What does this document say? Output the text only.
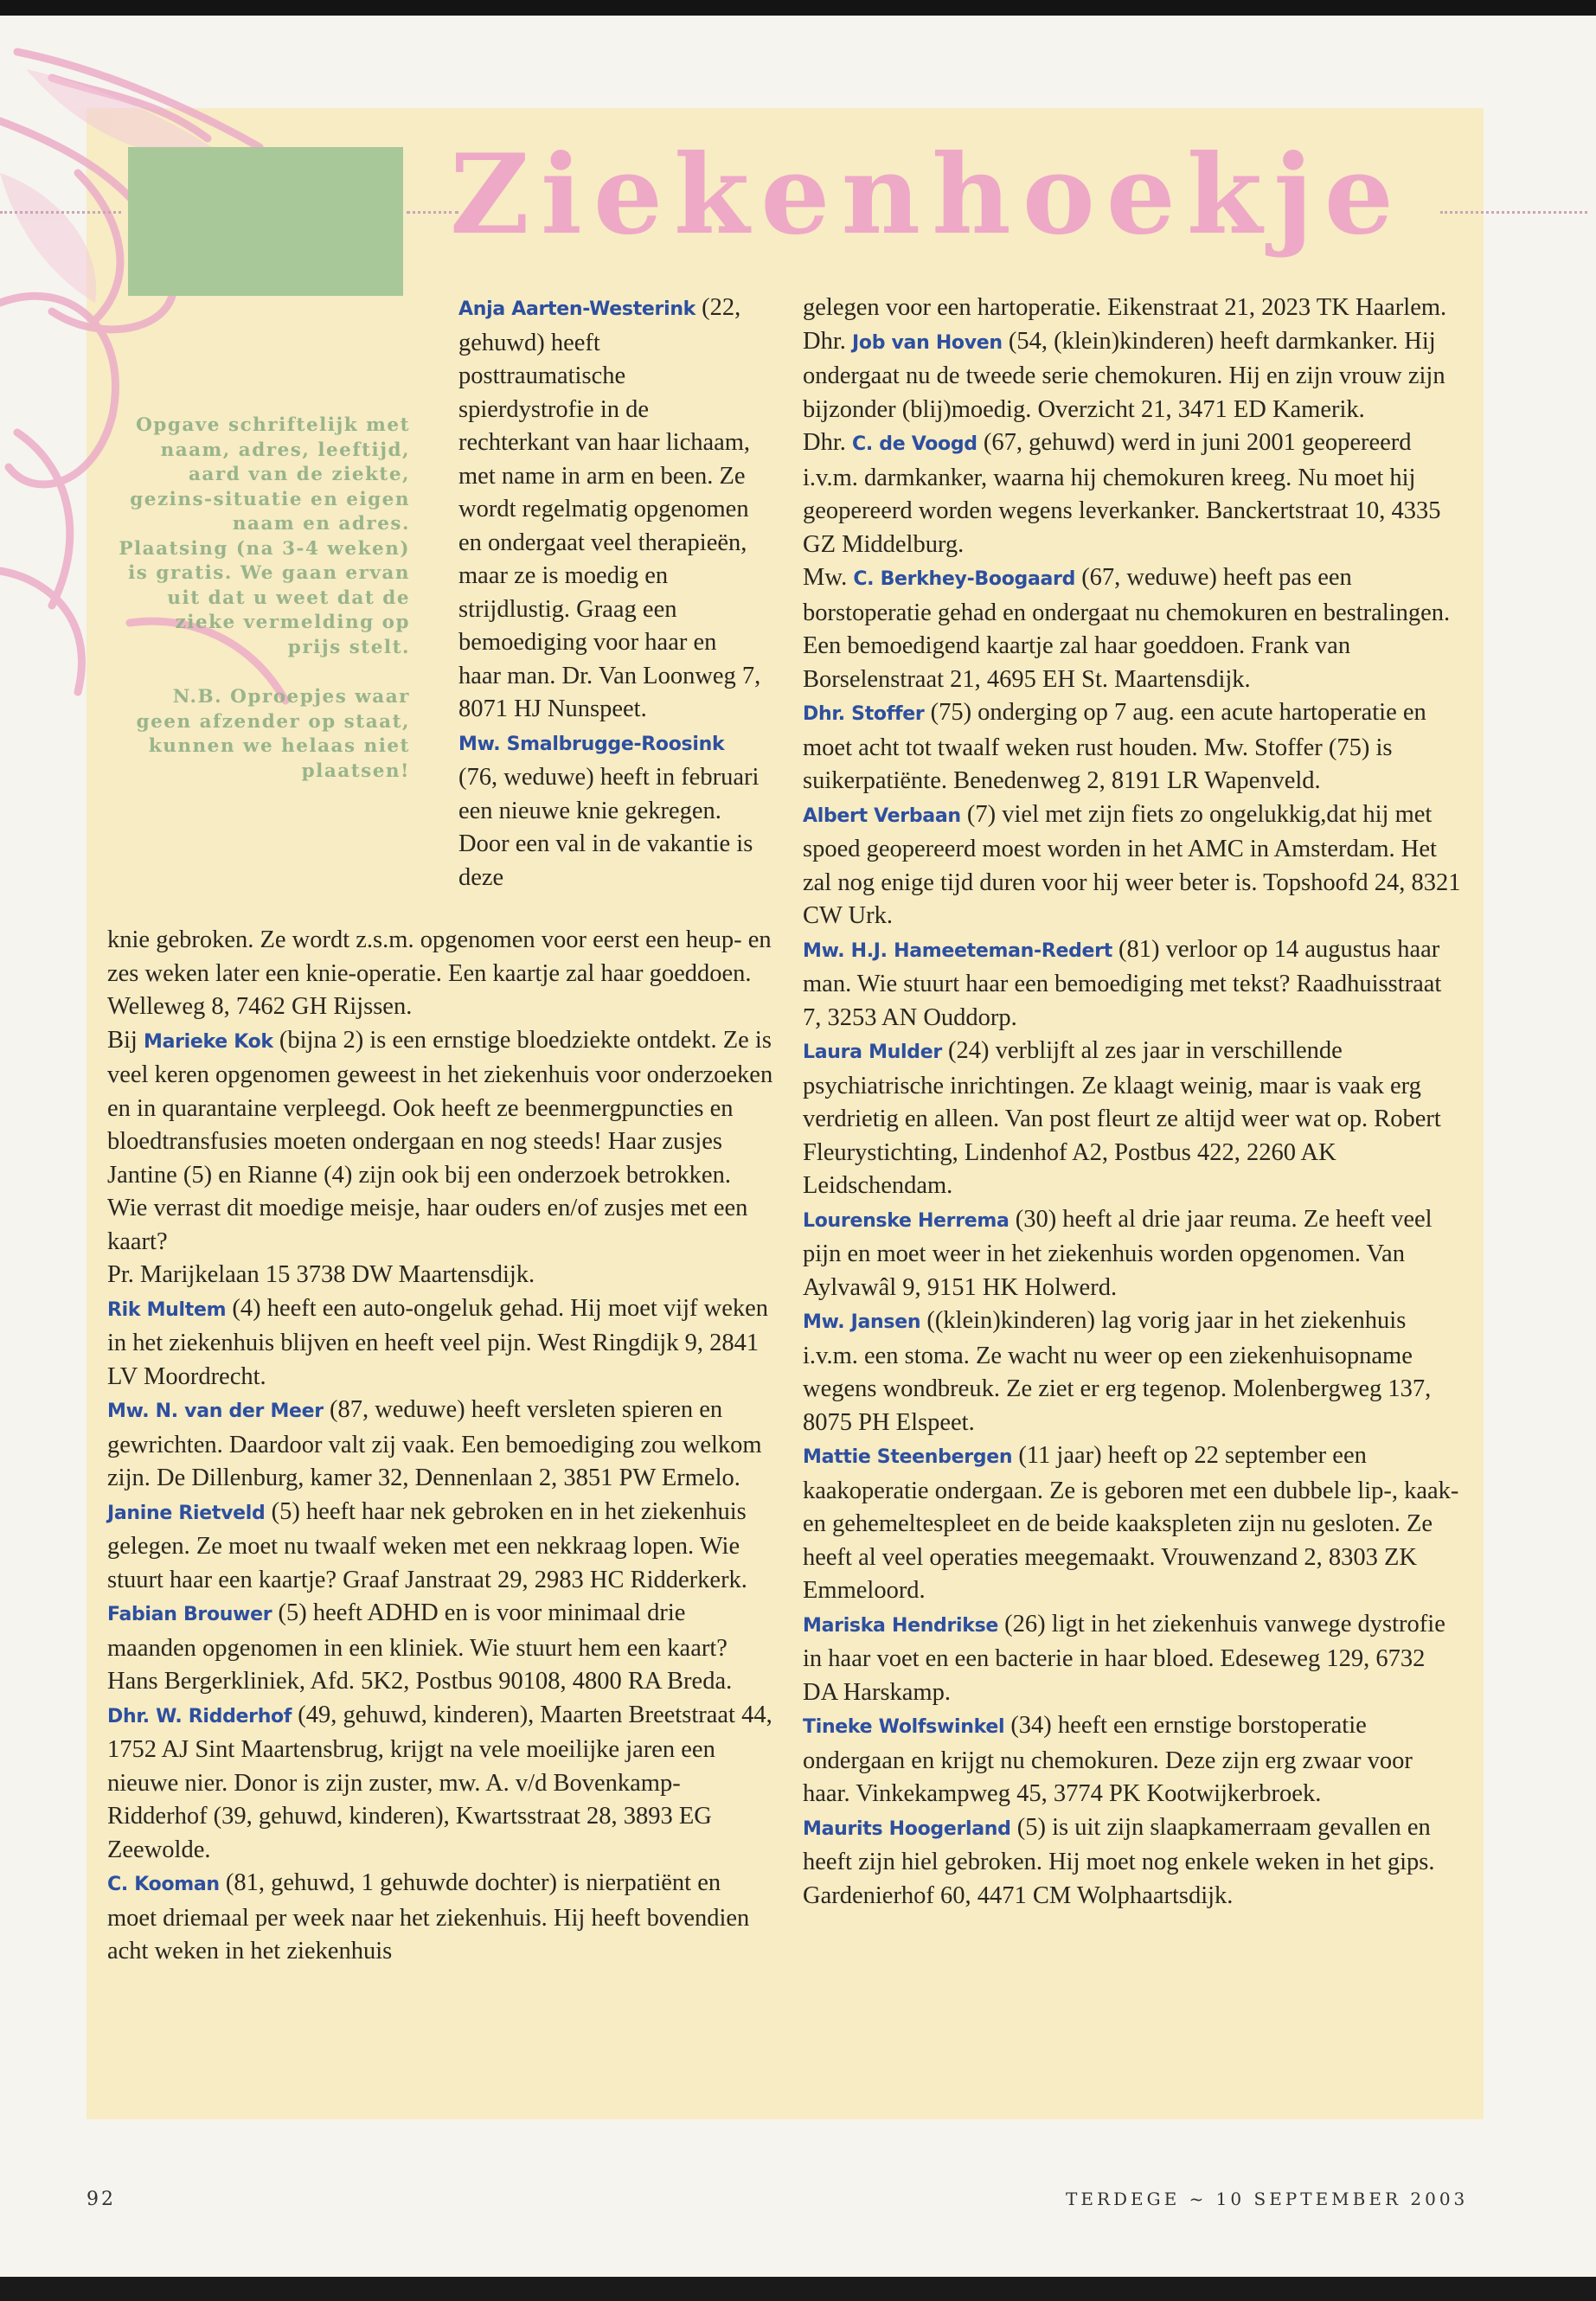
Ziekenhoekje

Opgave schriftelijk met naam, adres, leeftijd, aard van de ziekte, gezins-situatie en eigen naam en adres. Plaatsing (na 3-4 weken) is gratis. We gaan ervan uit dat u weet dat de zieke vermelding op prijs stelt.

N.B. Oproepjes waar geen afzender op staat, kunnen we helaas niet plaatsen!

Anja Aarten-Westerink (22, gehuwd) heeft posttraumatische spierdystrofie in de rechterkant van haar lichaam, met name in arm en been. Ze wordt regelmatig opgenomen en ondergaat veel therapieën, maar ze is moedig en strijdlustig. Graag een bemoediging voor haar en haar man. Dr. Van Loonweg 7, 8071 HJ Nunspeet.

Mw. Smalbrugge-Roosink (76, weduwe) heeft in februari een nieuwe knie gekregen. Door een val in de vakantie is deze

knie gebroken. Ze wordt z.s.m. opgenomen voor eerst een heup- en zes weken later een knie-operatie. Een kaartje zal haar goeddoen. Welleweg 8, 7462 GH Rijssen.

Bij Marieke Kok (bijna 2) is een ernstige bloedziekte ontdekt. Ze is veel keren opgenomen geweest in het ziekenhuis voor onderzoeken en in quarantaine verpleegd. Ook heeft ze beenmergpuncties en bloedtransfusies moeten ondergaan en nog steeds! Haar zusjes Jantine (5) en Rianne (4) zijn ook bij een onderzoek betrokken. Wie verrast dit moedige meisje, haar ouders en/of zusjes met een kaart?

Pr. Marijkelaan 15 3738 DW Maartensdijk.

Rik Multem (4) heeft een auto-ongeluk gehad. Hij moet vijf weken in het ziekenhuis blijven en heeft veel pijn. West Ringdijk 9, 2841 LV Moordrecht.

Mw. N. van der Meer (87, weduwe) heeft versleten spieren en gewrichten. Daardoor valt zij vaak. Een bemoediging zou welkom zijn. De Dillenburg, kamer 32, Dennenlaan 2, 3851 PW Ermelo.

Janine Rietveld (5) heeft haar nek gebroken en in het ziekenhuis gelegen. Ze moet nu twaalf weken met een nekkraag lopen. Wie stuurt haar een kaartje? Graaf Janstraat 29, 2983 HC Ridderkerk.

Fabian Brouwer (5) heeft ADHD en is voor minimaal drie maanden opgenomen in een kliniek. Wie stuurt hem een kaart? Hans Bergerkliniek, Afd. 5K2, Postbus 90108, 4800 RA Breda.

Dhr. W. Ridderhof (49, gehuwd, kinderen), Maarten Breetstraat 44, 1752 AJ Sint Maartensbrug, krijgt na vele moeilijke jaren een nieuwe nier. Donor is zijn zuster, mw. A. v/d Bovenkamp-Ridderhof (39, gehuwd, kinderen), Kwartsstraat 28, 3893 EG Zeewolde.

C. Kooman (81, gehuwd, 1 gehuwde dochter) is nierpatiënt en moet driemaal per week naar het ziekenhuis. Hij heeft bovendien acht weken in het ziekenhuis

gelegen voor een hartoperatie. Eikenstraat 21, 2023 TK Haarlem.

Dhr. Job van Hoven (54, (klein)kinderen) heeft darmkanker. Hij ondergaat nu de tweede serie chemokuren. Hij en zijn vrouw zijn bijzonder (blij)moedig. Overzicht 21, 3471 ED Kamerik.

Dhr. C. de Voogd (67, gehuwd) werd in juni 2001 geopereerd i.v.m. darmkanker, waarna hij chemokuren kreeg. Nu moet hij geopereerd worden wegens leverkanker. Banckertstraat 10, 4335 GZ Middelburg.

Mw. C. Berkhey-Boogaard (67, weduwe) heeft pas een borstoperatie gehad en ondergaat nu chemokuren en bestralingen. Een bemoedigend kaartje zal haar goeddoen. Frank van Borselenstraat 21, 4695 EH St. Maartensdijk.

Dhr. Stoffer (75) onderging op 7 aug. een acute hartoperatie en moet acht tot twaalf weken rust houden. Mw. Stoffer (75) is suikerpatiënte. Benedenweg 2, 8191 LR Wapenveld.

Albert Verbaan (7) viel met zijn fiets zo ongelukkig,dat hij met spoed geopereerd moest worden in het AMC in Amsterdam. Het zal nog enige tijd duren voor hij weer beter is. Topshoofd 24, 8321 CW Urk.

Mw. H.J. Hameeteman-Redert (81) verloor op 14 augustus haar man. Wie stuurt haar een bemoediging met tekst? Raadhuisstraat 7, 3253 AN Ouddorp.

Laura Mulder (24) verblijft al zes jaar in verschillende psychiatrische inrichtingen. Ze klaagt weinig, maar is vaak erg verdrietig en alleen. Van post fleurt ze altijd weer wat op. Robert Fleurystichting, Lindenhof A2, Postbus 422, 2260 AK Leidschendam.

Lourenske Herrema (30) heeft al drie jaar reuma. Ze heeft veel pijn en moet weer in het ziekenhuis worden opgenomen. Van Aylvawâl 9, 9151 HK Holwerd.

Mw. Jansen ((klein)kinderen) lag vorig jaar in het ziekenhuis i.v.m. een stoma. Ze wacht nu weer op een ziekenhuisopname wegens wondbreuk. Ze ziet er erg tegenop. Molenbergweg 137, 8075 PH Elspeet.

Mattie Steenbergen (11 jaar) heeft op 22 september een kaakoperatie ondergaan. Ze is geboren met een dubbele lip-, kaak- en gehemeltespleet en de beide kaakspleten zijn nu gesloten. Ze heeft al veel operaties meegemaakt. Vrouwenzand 2, 8303 ZK Emmeloord.

Mariska Hendrikse (26) ligt in het ziekenhuis vanwege dystrofie in haar voet en een bacterie in haar bloed. Edeseweg 129, 6732 DA Harskamp.

Tineke Wolfswinkel (34) heeft een ernstige borstoperatie ondergaan en krijgt nu chemokuren. Deze zijn erg zwaar voor haar. Vinkekampweg 45, 3774 PK Kootwijkerbroek.

Maurits Hoogerland (5) is uit zijn slaapkamerraam gevallen en heeft zijn hiel gebroken. Hij moet nog enkele weken in het gips. Gardenierhof 60, 4471 CM Wolphaartsdijk.

92	TERDEGE ~ 10 SEPTEMBER 2003
